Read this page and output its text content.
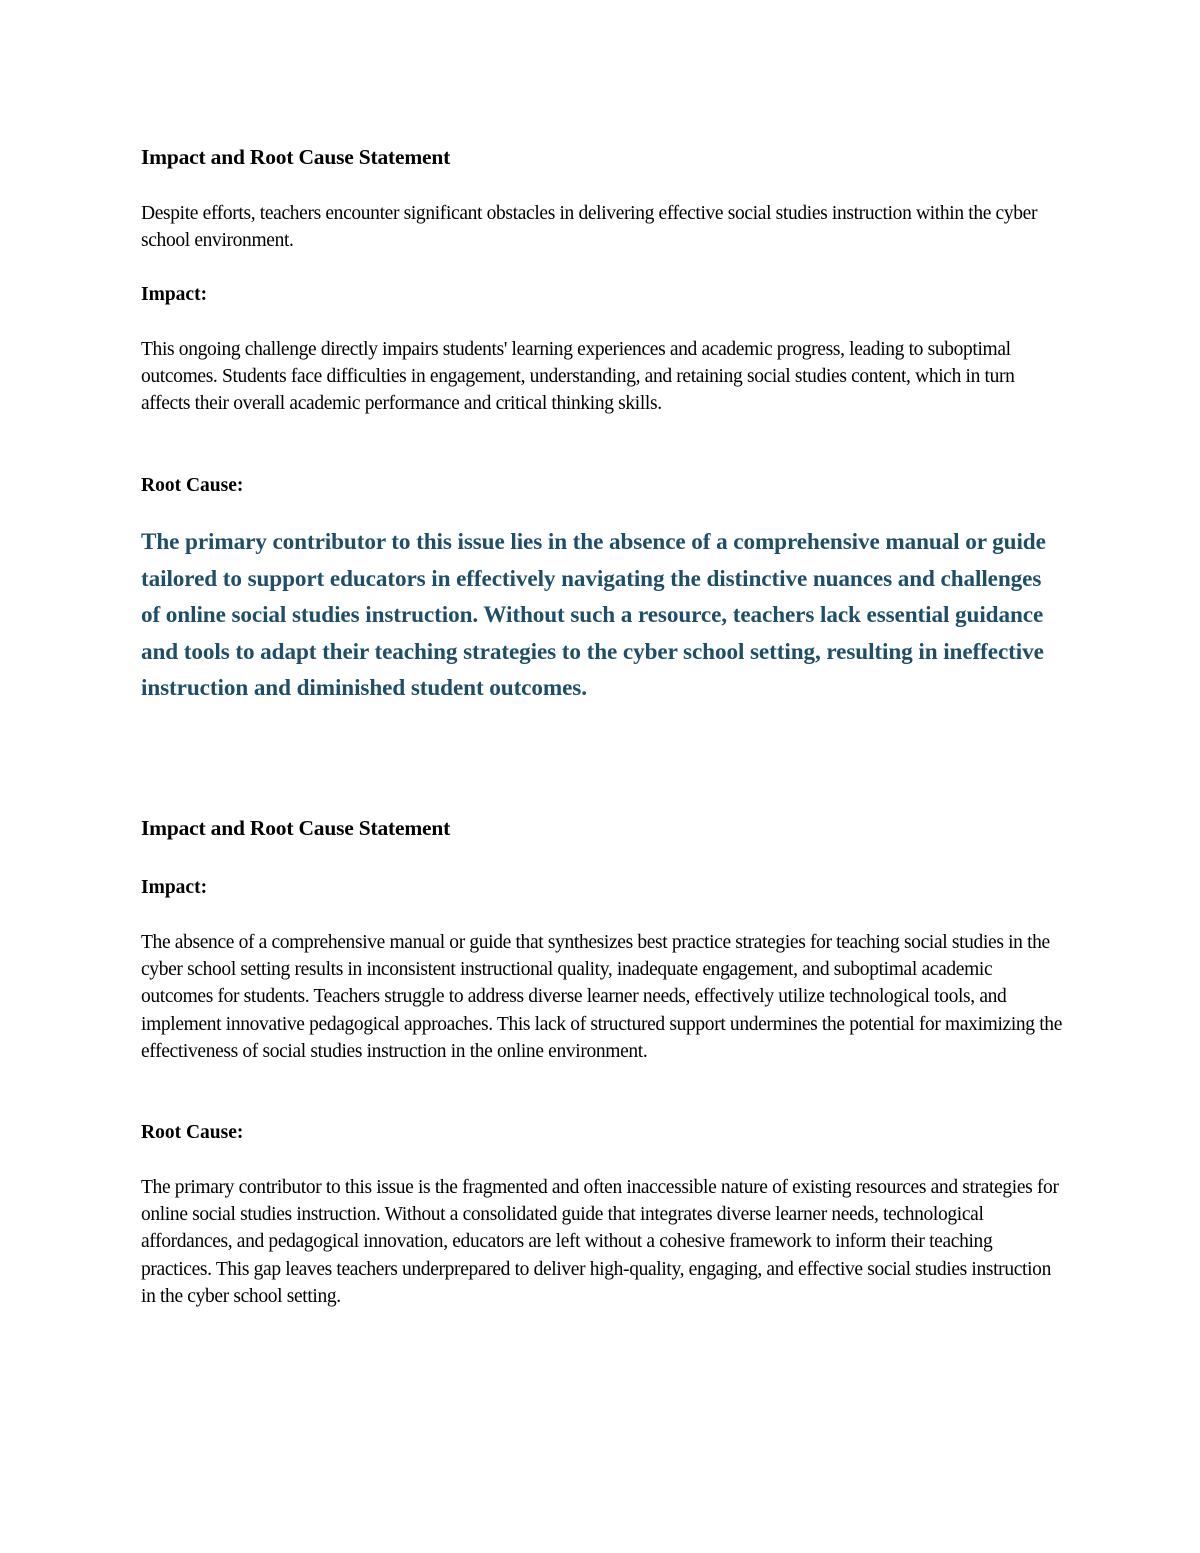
Impact and Root Cause Statement

Despite efforts, teachers encounter significant obstacles in delivering effective social studies instruction within the cyber school environment.

Impact:

This ongoing challenge directly impairs students' learning experiences and academic progress, leading to suboptimal outcomes. Students face difficulties in engagement, understanding, and retaining social studies content, which in turn affects their overall academic performance and critical thinking skills.

Root Cause:

The primary contributor to this issue lies in the absence of a comprehensive manual or guide tailored to support educators in effectively navigating the distinctive nuances and challenges of online social studies instruction. Without such a resource, teachers lack essential guidance and tools to adapt their teaching strategies to the cyber school setting, resulting in ineffective instruction and diminished student outcomes.

Impact and Root Cause Statement
Impact:

The absence of a comprehensive manual or guide that synthesizes best practice strategies for teaching social studies in the cyber school setting results in inconsistent instructional quality, inadequate engagement, and suboptimal academic outcomes for students. Teachers struggle to address diverse learner needs, effectively utilize technological tools, and implement innovative pedagogical approaches. This lack of structured support undermines the potential for maximizing the effectiveness of social studies instruction in the online environment.

Root Cause:

The primary contributor to this issue is the fragmented and often inaccessible nature of existing resources and strategies for online social studies instruction. Without a consolidated guide that integrates diverse learner needs, technological affordances, and pedagogical innovation, educators are left without a cohesive framework to inform their teaching practices. This gap leaves teachers underprepared to deliver high-quality, engaging, and effective social studies instruction in the cyber school setting.
